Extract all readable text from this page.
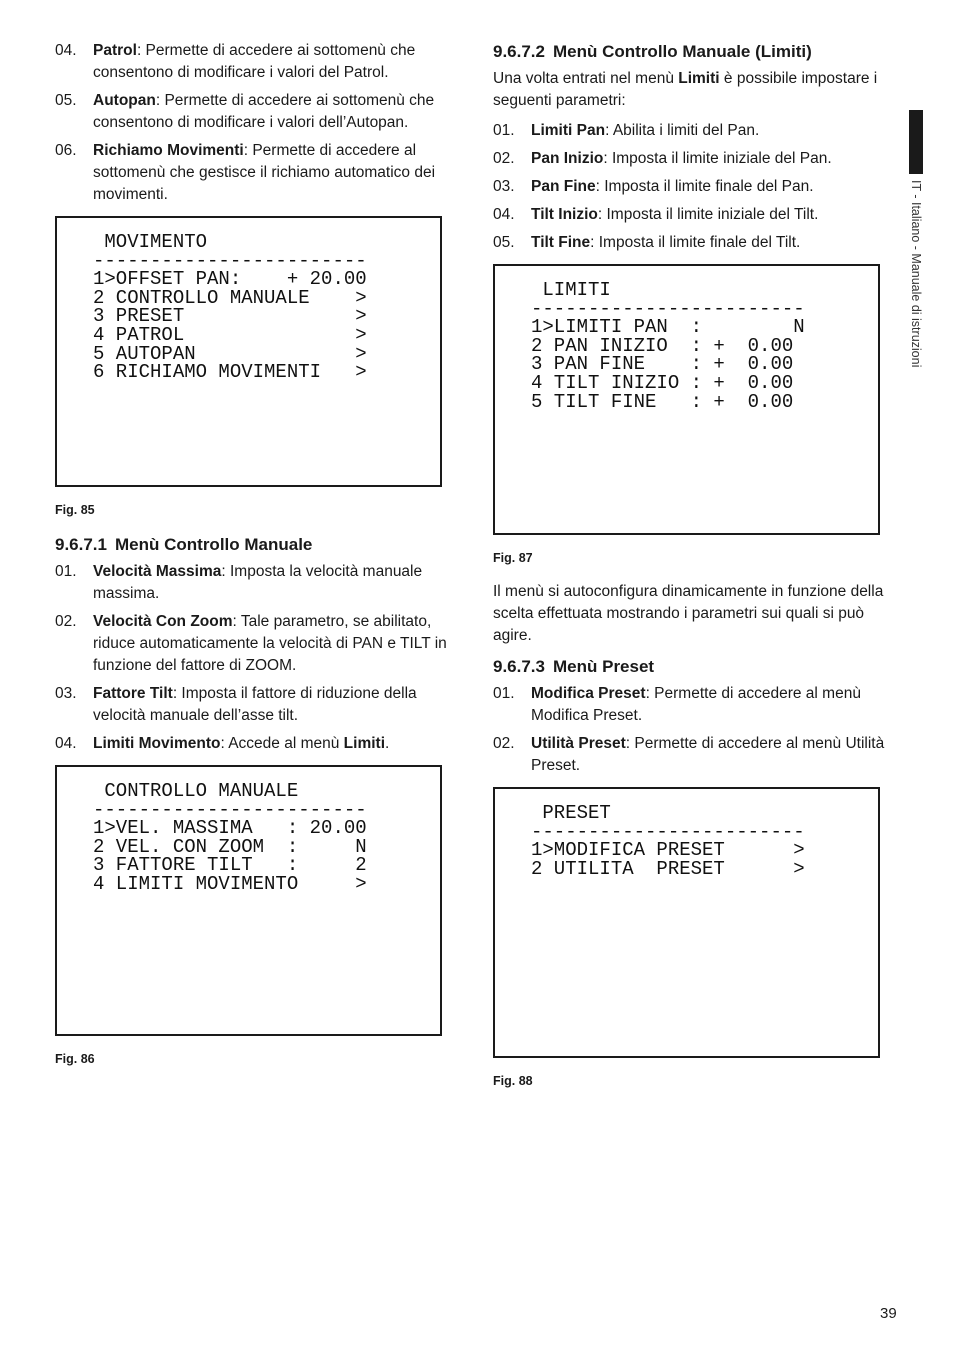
IT - Italiano - Manuale di istruzioni
04.	Patrol: Permette di accedere ai sottomenù che consentono di modificare i valori del Patrol.
05.	Autopan: Permette di accedere ai sottomenù che consentono di modificare i valori dell’Autopan.
06.	Richiamo Movimenti: Permette di accedere al sottomenù che gestisce il richiamo automatico dei movimenti.
MOVIMENTO
------------------------
1>OFFSET PAN:    + 20.00
2 CONTROLLO MANUALE    >
3 PRESET               >
4 PATROL               >
5 AUTOPAN              >
6 RICHIAMO MOVIMENTI   >
Fig. 85
9.6.7.1 Menù Controllo Manuale
01.	Velocità Massima: Imposta la velocità manuale massima.
02.	Velocità Con Zoom: Tale parametro, se abilitato, riduce automaticamente la velocità di PAN e TILT in funzione del fattore di ZOOM.
03.	Fattore Tilt: Imposta il fattore di riduzione della velocità manuale dell’asse tilt.
04.	Limiti Movimento: Accede al menù Limiti.
CONTROLLO MANUALE
------------------------
1>VEL. MASSIMA   : 20.00
2 VEL. CON ZOOM  :     N
3 FATTORE TILT   :     2
4 LIMITI MOVIMENTO     >
Fig. 86
9.6.7.2 Menù Controllo Manuale (Limiti)

Una volta entrati nel menù Limiti è possibile impostare i seguenti parametri:

01.	Limiti Pan: Abilita i limiti del Pan.
02.	Pan Inizio: Imposta il limite iniziale del Pan.
03.	Pan Fine: Imposta il limite finale del Pan.
04.	Tilt Inizio: Imposta il limite iniziale del Tilt.
05.	Tilt Fine: Imposta il limite finale del Tilt.
LIMITI
------------------------
1>LIMITI PAN  :        N
2 PAN INIZIO  : +  0.00
3 PAN FINE    : +  0.00
4 TILT INIZIO : +  0.00
5 TILT FINE   : +  0.00
Fig. 87

Il menù si autoconfigura dinamicamente in funzione della scelta effettuata mostrando i parametri sui quali si può agire.

9.6.7.3 Menù Preset
01.	Modifica Preset: Permette di accedere al menù Modifica Preset.
02.	Utilità Preset: Permette di accedere al menù Utilità Preset.
PRESET
------------------------
1>MODIFICA PRESET      >
2 UTILITA  PRESET      >
Fig. 88
39
